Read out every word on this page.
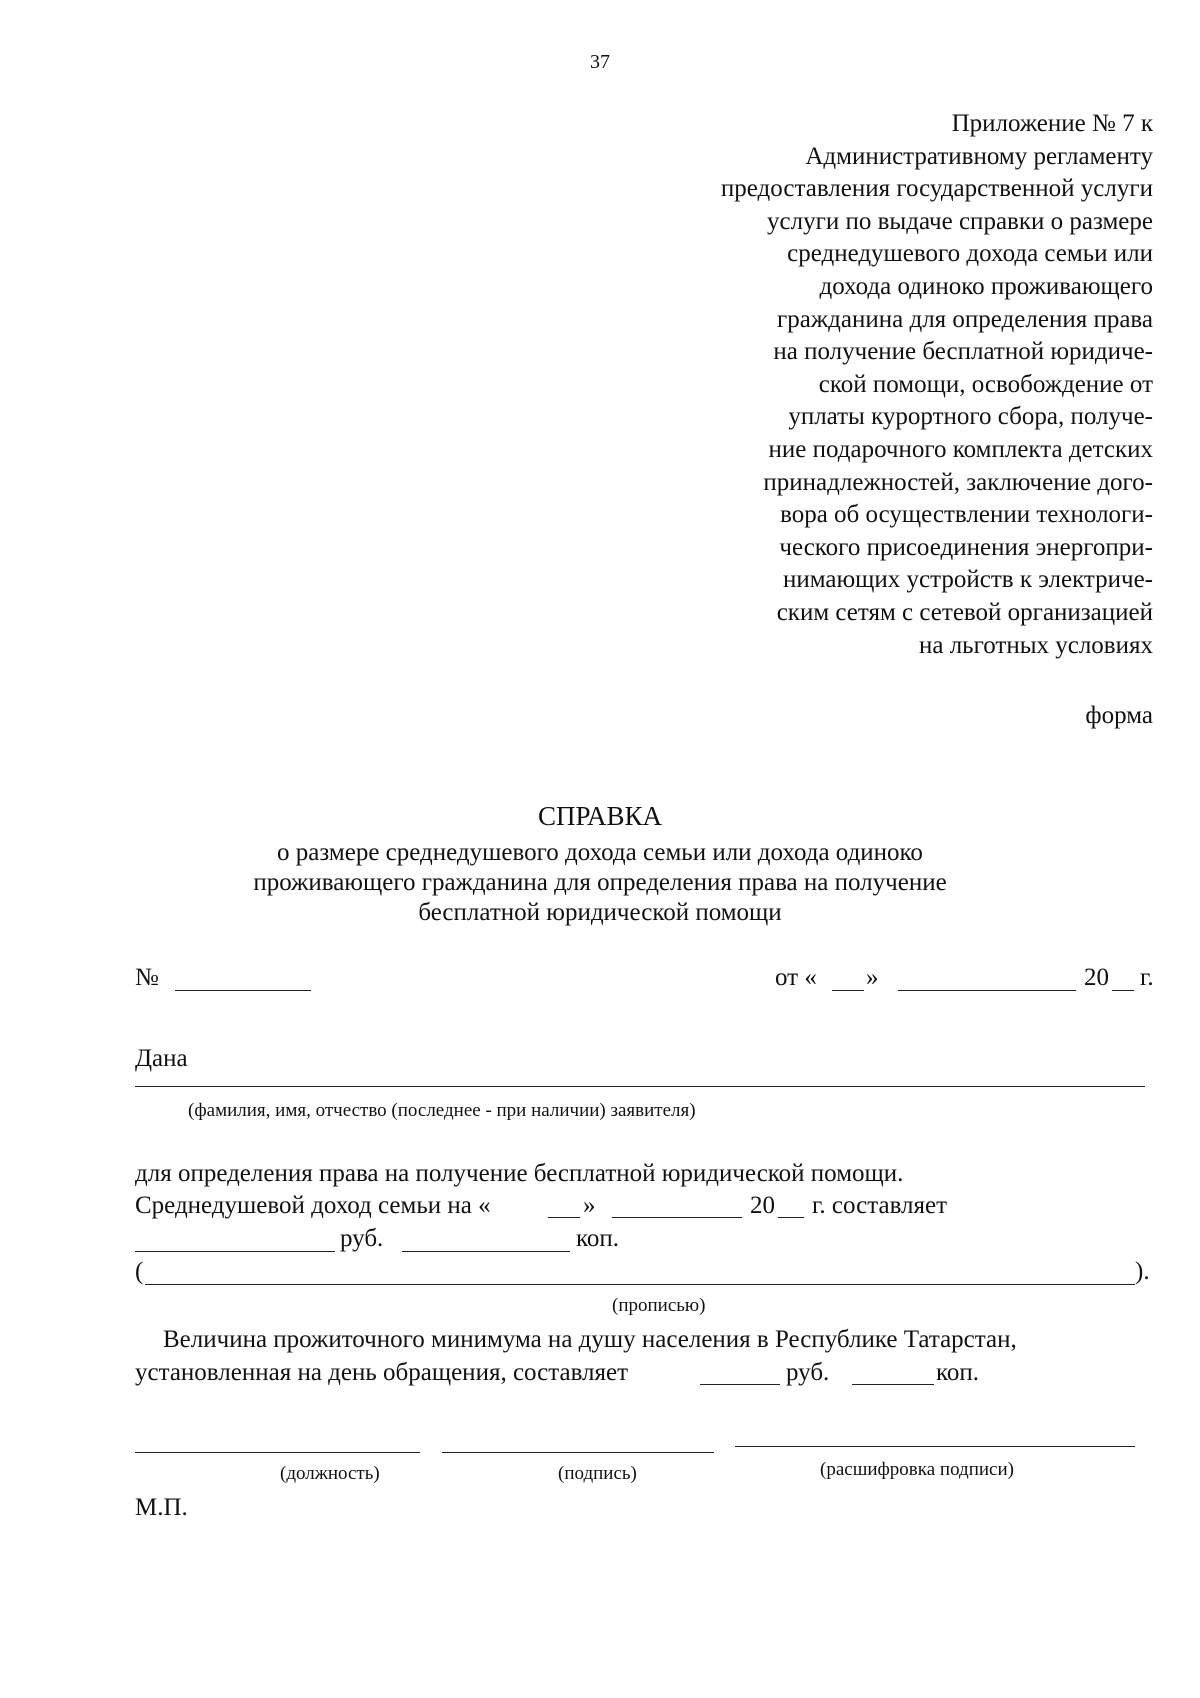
37
Приложение № 7 к
Административному регламенту
предоставления государственной услуги
услуги по выдаче справки о размере
среднедушевого дохода семьи или
дохода одиноко проживающего
гражданина для определения права
на получение бесплатной юридиче-
ской помощи, освобождение от
уплаты курортного сбора, получе-
ние подарочного комплекта детских
принадлежностей, заключение дого-
вора об осуществлении технологи-
ческого присоединения энергопри-
нимающих устройств к электриче-
ским сетям с сетевой организацией
на льготных условиях
форма
СПРАВКА
о размере среднедушевого дохода семьи или дохода одиноко
проживающего гражданина для определения права на получение
бесплатной юридической помощи
№	от « »	20 г.
Дана
(фамилия, имя, отчество (последнее - при наличии) заявителя)
для определения права на получение бесплатной юридической помощи.
Среднедушевой доход семьи на «	»	20 г. составляет
руб.	коп.
(	).
(прописью)
Величина прожиточного минимума на душу населения в Республике Татарстан,
установленная на день обращения, составляет	руб.	коп.
(должность)	(подпись)	(расшифровка подписи)
М.П.
